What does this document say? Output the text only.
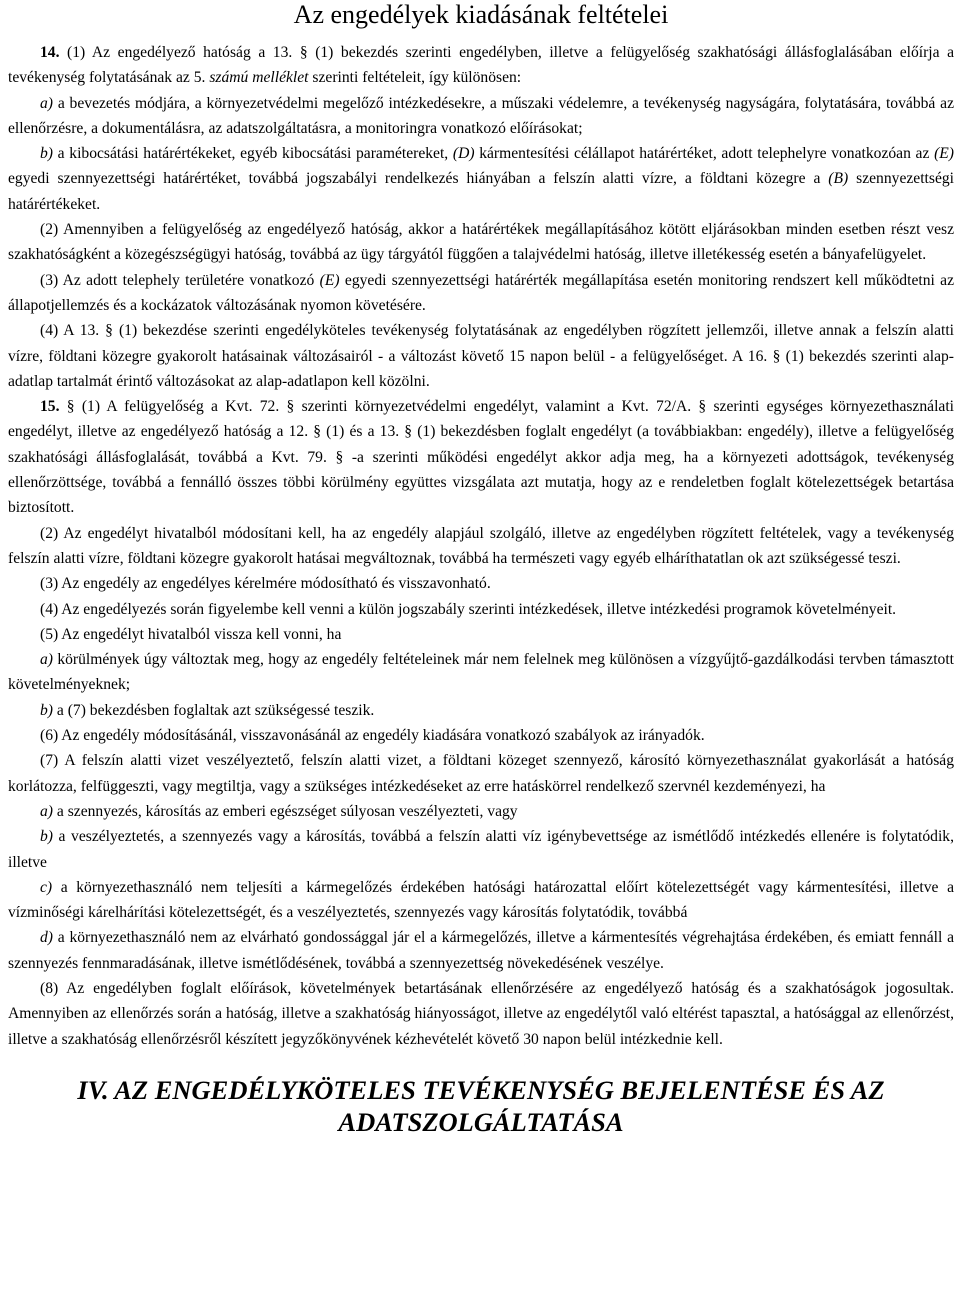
Az engedélyek kiadásának feltételei

14. (1) Az engedélyező hatóság a 13. § (1) bekezdés szerinti engedélyben, illetve a felügyelőség szakhatósági állásfoglalásában előírja a tevékenység folytatásának az 5. számú melléklet szerinti feltételeit, így különösen:

a) a bevezetés módjára, a környezetvédelmi megelőző intézkedésekre, a műszaki védelemre, a tevékenység nagyságára, folytatására, továbbá az ellenőrzésre, a dokumentálásra, az adatszolgáltatásra, a monitoringra vonatkozó előírásokat;

b) a kibocsátási határértékeket, egyéb kibocsátási paramétereket, (D) kármentesítési célállapot határértéket, adott telephelyre vonatkozóan az (E) egyedi szennyezettségi határértéket, továbbá jogszabályi rendelkezés hiányában a felszín alatti vízre, a földtani közegre a (B) szennyezettségi határértékeket.

(2) Amennyiben a felügyelőség az engedélyező hatóság, akkor a határértékek megállapításához kötött eljárásokban minden esetben részt vesz szakhatóságként a közegészségügyi hatóság, továbbá az ügy tárgyától függően a talajvédelmi hatóság, illetve illetékesség esetén a bányafelügyelet.

(3) Az adott telephely területére vonatkozó (E) egyedi szennyezettségi határérték megállapítása esetén monitoring rendszert kell működtetni az állapotjellemzés és a kockázatok változásának nyomon követésére.

(4) A 13. § (1) bekezdése szerinti engedélyköteles tevékenység folytatásának az engedélyben rögzített jellemzői, illetve annak a felszín alatti vízre, földtani közegre gyakorolt hatásainak változásairól - a változást követő 15 napon belül - a felügyelőséget. A 16. § (1) bekezdés szerinti alap-adatlap tartalmát érintő változásokat az alap-adatlapon kell közölni.

15. § (1) A felügyelőség a Kvt. 72. § szerinti környezetvédelmi engedélyt, valamint a Kvt. 72/A. § szerinti egységes környezethasználati engedélyt, illetve az engedélyező hatóság a 12. § (1) és a 13. § (1) bekezdésben foglalt engedélyt (a továbbiakban: engedély), illetve a felügyelőség szakhatósági állásfoglalását, továbbá a Kvt. 79. § -a szerinti működési engedélyt akkor adja meg, ha a környezeti adottságok, tevékenység ellenőrzöttsége, továbbá a fennálló összes többi körülmény együttes vizsgálata azt mutatja, hogy az e rendeletben foglalt kötelezettségek betartása biztosított.

(2) Az engedélyt hivatalból módosítani kell, ha az engedély alapjául szolgáló, illetve az engedélyben rögzített feltételek, vagy a tevékenység felszín alatti vízre, földtani közegre gyakorolt hatásai megváltoznak, továbbá ha természeti vagy egyéb elháríthatatlan ok azt szükségessé teszi.

(3) Az engedély az engedélyes kérelmére módosítható és visszavonható.

(4) Az engedélyezés során figyelembe kell venni a külön jogszabály szerinti intézkedések, illetve intézkedési programok követelményeit.

(5) Az engedélyt hivatalból vissza kell vonni, ha

a) körülmények úgy változtak meg, hogy az engedély feltételeinek már nem felelnek meg különösen a vízgyűjtő-gazdálkodási tervben támasztott követelményeknek;

b) a (7) bekezdésben foglaltak azt szükségessé teszik.

(6) Az engedély módosításánál, visszavonásánál az engedély kiadására vonatkozó szabályok az irányadók.

(7) A felszín alatti vizet veszélyeztető, felszín alatti vizet, a földtani közeget szennyező, károsító környezethasználat gyakorlását a hatóság korlátozza, felfüggeszti, vagy megtiltja, vagy a szükséges intézkedéseket az erre hatáskörrel rendelkező szervnél kezdeményezi, ha

a) a szennyezés, károsítás az emberi egészséget súlyosan veszélyezteti, vagy

b) a veszélyeztetés, a szennyezés vagy a károsítás, továbbá a felszín alatti víz igénybevettsége az ismétlődő intézkedés ellenére is folytatódik, illetve

c) a környezethasználó nem teljesíti a kármegelőzés érdekében hatósági határozattal előírt kötelezettségét vagy kármentesítési, illetve a vízminőségi kárelhárítási kötelezettségét, és a veszélyeztetés, szennyezés vagy károsítás folytatódik, továbbá

d) a környezethasználó nem az elvárható gondossággal jár el a kármegelőzés, illetve a kármentesítés végrehajtása érdekében, és emiatt fennáll a szennyezés fennmaradásának, illetve ismétlődésének, továbbá a szennyezettség növekedésének veszélye.

(8) Az engedélyben foglalt előírások, követelmények betartásának ellenőrzésére az engedélyező hatóság és a szakhatóságok jogosultak. Amennyiben az ellenőrzés során a hatóság, illetve a szakhatóság hiányosságot, illetve az engedélytől való eltérést tapasztal, a hatósággal az ellenőrzést, illetve a szakhatóság ellenőrzésről készített jegyzőkönyvének kézhevételét követő 30 napon belül intézkednie kell.

IV. AZ ENGEDÉLYKÖTELES TEVÉKENYSÉG BEJELENTÉSE ÉS AZ ADATSZOLGÁLTATÁSA
